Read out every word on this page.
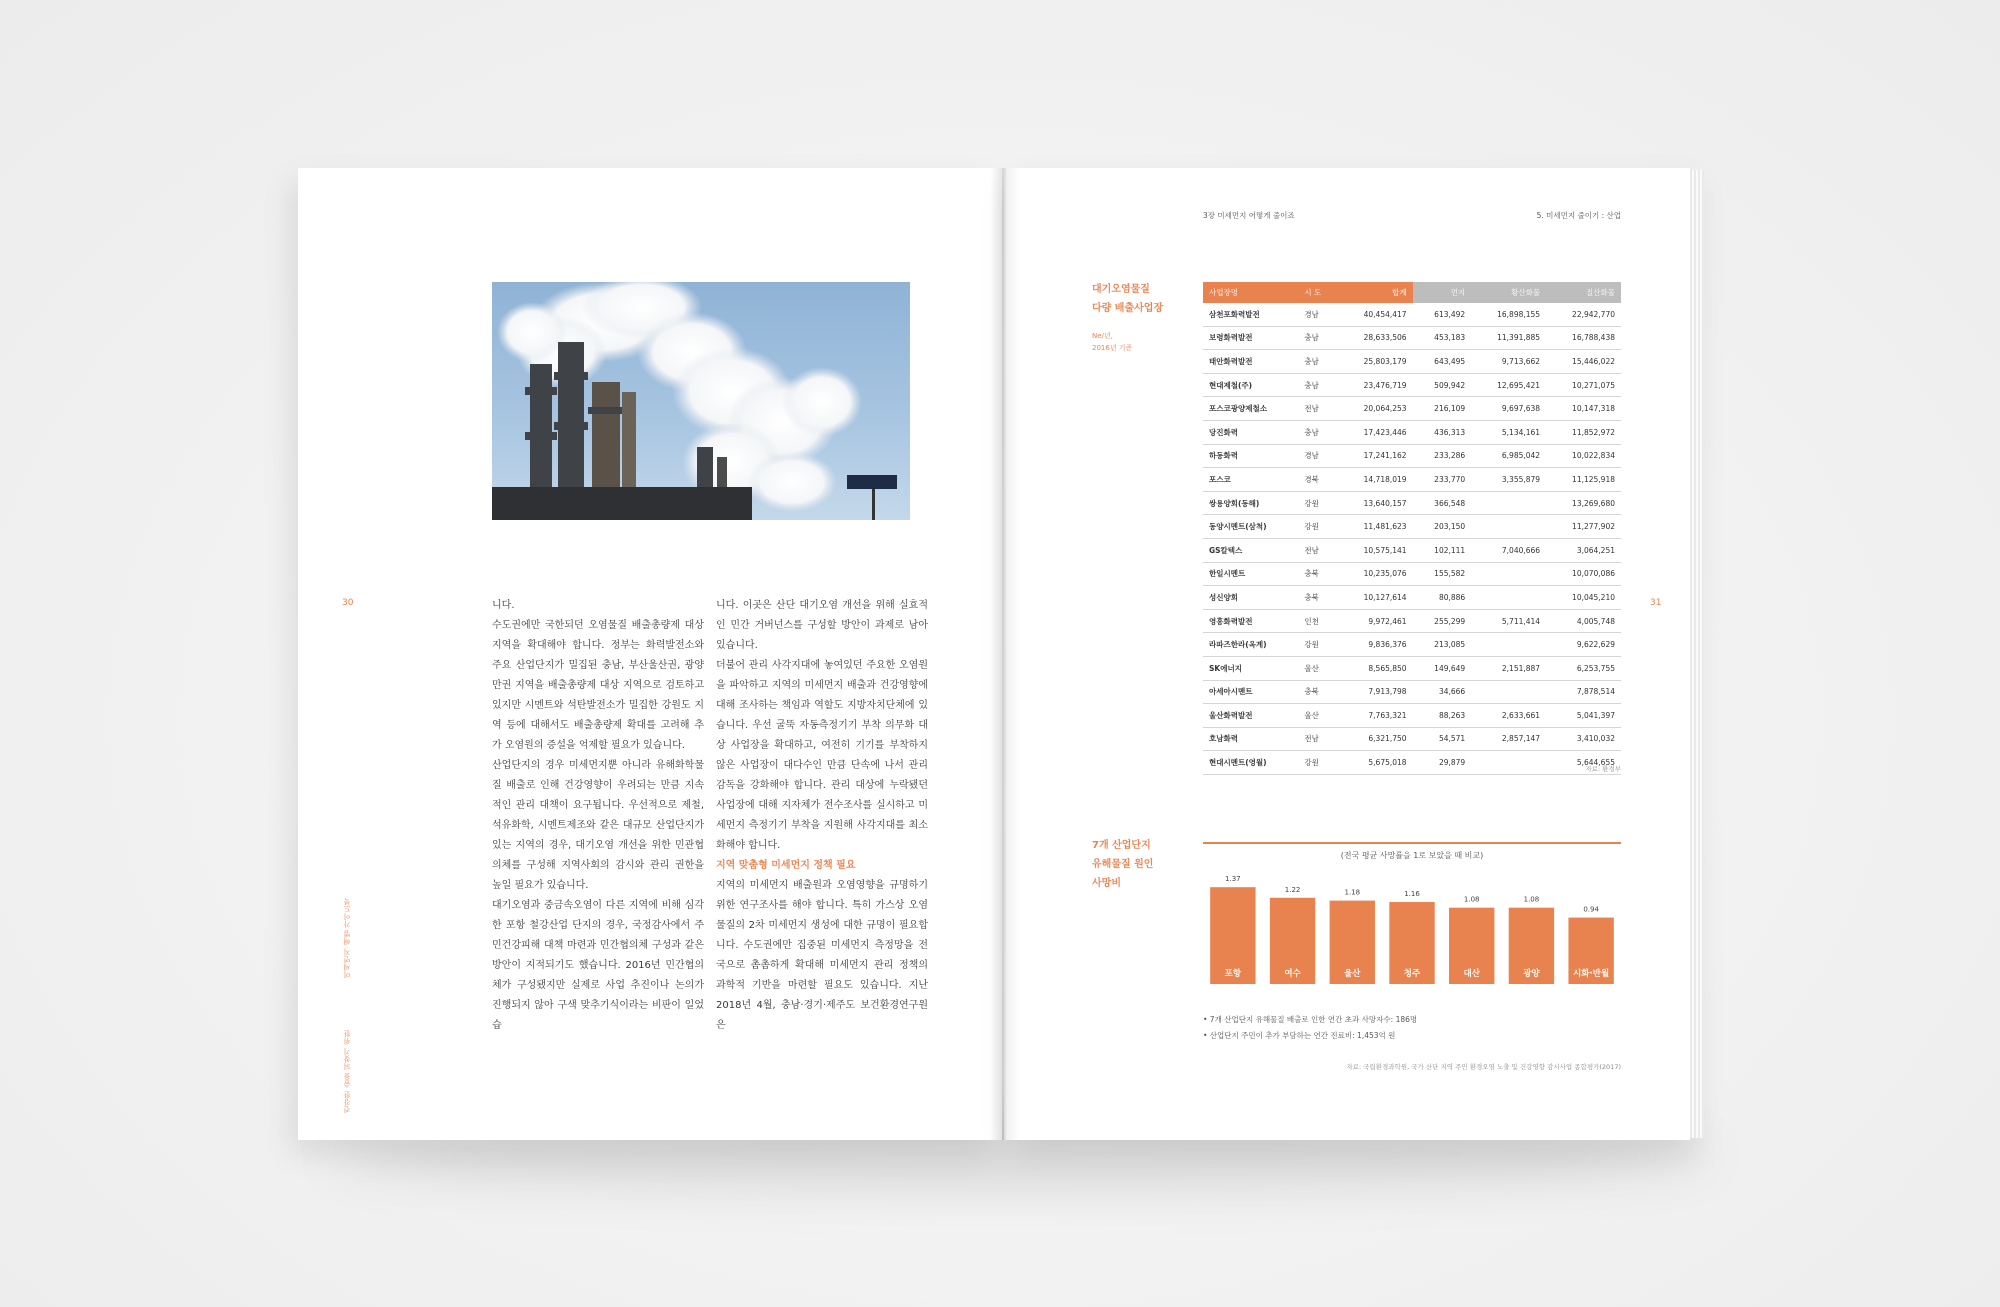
30
미세먼지 해법 가이드북
건강한 숨을 되찾기 위한

니다.

수도권에만 국한되던 오염물질 배출총량제 대상 지역을 확대해야 합니다. 정부는 화력발전소와 주요 산업단지가 밀집된 충남, 부산울산권, 광양만권 지역을 배출총량제 대상 지역으로 검토하고 있지만 시멘트와 석탄발전소가 밀집한 강원도 지역 등에 대해서도 배출총량제 확대를 고려해 추가 오염원의 증설을 억제할 필요가 있습니다.

산업단지의 경우 미세먼지뿐 아니라 유해화학물질 배출로 인해 건강영향이 우려되는 만큼 지속적인 관리 대책이 요구됩니다. 우선적으로 제철, 석유화학, 시멘트제조와 같은 대규모 산업단지가 있는 지역의 경우, 대기오염 개선을 위한 민관협의체를 구성해 지역사회의 감시와 관리 권한을 높일 필요가 있습니다.

대기오염과 중금속오염이 다른 지역에 비해 심각한 포항 철강산업 단지의 경우, 국정감사에서 주민건강피해 대책 마련과 민간협의체 구성과 같은 방안이 지적되기도 했습니다. 2016년 민간협의체가 구성됐지만 실제로 사업 추진이나 논의가 진행되지 않아 구색 맞추기식이라는 비판이 일었습

니다. 이곳은 산단 대기오염 개선을 위해 실효적인 민간 거버넌스를 구성할 방안이 과제로 남아있습니다.

더불어 관리 사각지대에 놓여있던 주요한 오염원을 파악하고 지역의 미세먼지 배출과 건강영향에 대해 조사하는 책임과 역할도 지방자치단체에 있습니다. 우선 굴뚝 자동측정기기 부착 의무화 대상 사업장을 확대하고, 여전히 기기를 부착하지 않은 사업장이 대다수인 만큼 단속에 나서 관리감독을 강화해야 합니다. 관리 대상에 누락됐던 사업장에 대해 지자체가 전수조사를 실시하고 미세먼지 측정기기 부착을 지원해 사각지대를 최소화해야 합니다.

지역 맞춤형 미세먼지 정책 필요

지역의 미세먼지 배출원과 오염영향을 규명하기 위한 연구조사를 해야 합니다. 특히 가스상 오염물질의 2차 미세먼지 생성에 대한 규명이 필요합니다. 수도권에만 집중된 미세먼지 측정망을 전국으로 촘촘하게 확대해 미세먼지 관리 정책의 과학적 기반을 마련할 필요도 있습니다. 지난 2018년 4월, 충남·경기·제주도 보건환경연구원은

3장 미세먼지 어떻게 줄이죠	5. 미세먼지 줄이기 : 산업
대기오염물질
다량 배출사업장
Ne/년,
2016년 기준
사업장명	시 도	합계	먼지	황산화물	질산화물
삼천포화력발전	경남	40,454,417	613,492	16,898,155	22,942,770
보령화력발전	충남	28,633,506	453,183	11,391,885	16,788,438
태안화력발전	충남	25,803,179	643,495	9,713,662	15,446,022
현대제철(주)	충남	23,476,719	509,942	12,695,421	10,271,075
포스코광양제철소	전남	20,064,253	216,109	9,697,638	10,147,318
당진화력	충남	17,423,446	436,313	5,134,161	11,852,972
하동화력	경남	17,241,162	233,286	6,985,042	10,022,834
포스코	경북	14,718,019	233,770	3,355,879	11,125,918
쌍용양회(동해)	강원	13,640,157	366,548		13,269,680
동양시멘트(삼척)	강원	11,481,623	203,150		11,277,902
GS칼텍스	전남	10,575,141	102,111	7,040,666	3,064,251
한일시멘트	충북	10,235,076	155,582		10,070,086
성신양회	충북	10,127,614	80,886		10,045,210
영흥화력발전	인천	9,972,461	255,299	5,711,414	4,005,748
라파즈한라(옥계)	강원	9,836,376	213,085		9,622,629
SK에너지	울산	8,565,850	149,649	2,151,887	6,253,755
아세아시멘트	충북	7,913,798	34,666		7,878,514
울산화력발전	울산	7,763,321	88,263	2,633,661	5,041,397
호남화력	전남	6,321,750	54,571	2,857,147	3,410,032
현대시멘트(영월)	강원	5,675,018	29,879		5,644,655
자료: 환경부
7개 산업단지
유해물질 원인
사망비
(전국 평균 사망률을 1로 보았을 때 비교)
1.37
포항
1.22
여수
1.18
울산
1.16
청주
1.08
대산
1.08
광양
0.94
시화·반월
• 7개 산업단지 유해물질 배출로 인한 연간 초과 사망자수: 186명
• 산업단지 주민이 추가 부담하는 연간 진료비: 1,453억 원
자료: 국립환경과학원, 국가 산단 지역 주민 환경오염 노출 및 건강영향 감시사업 종합평가(2017)
31
